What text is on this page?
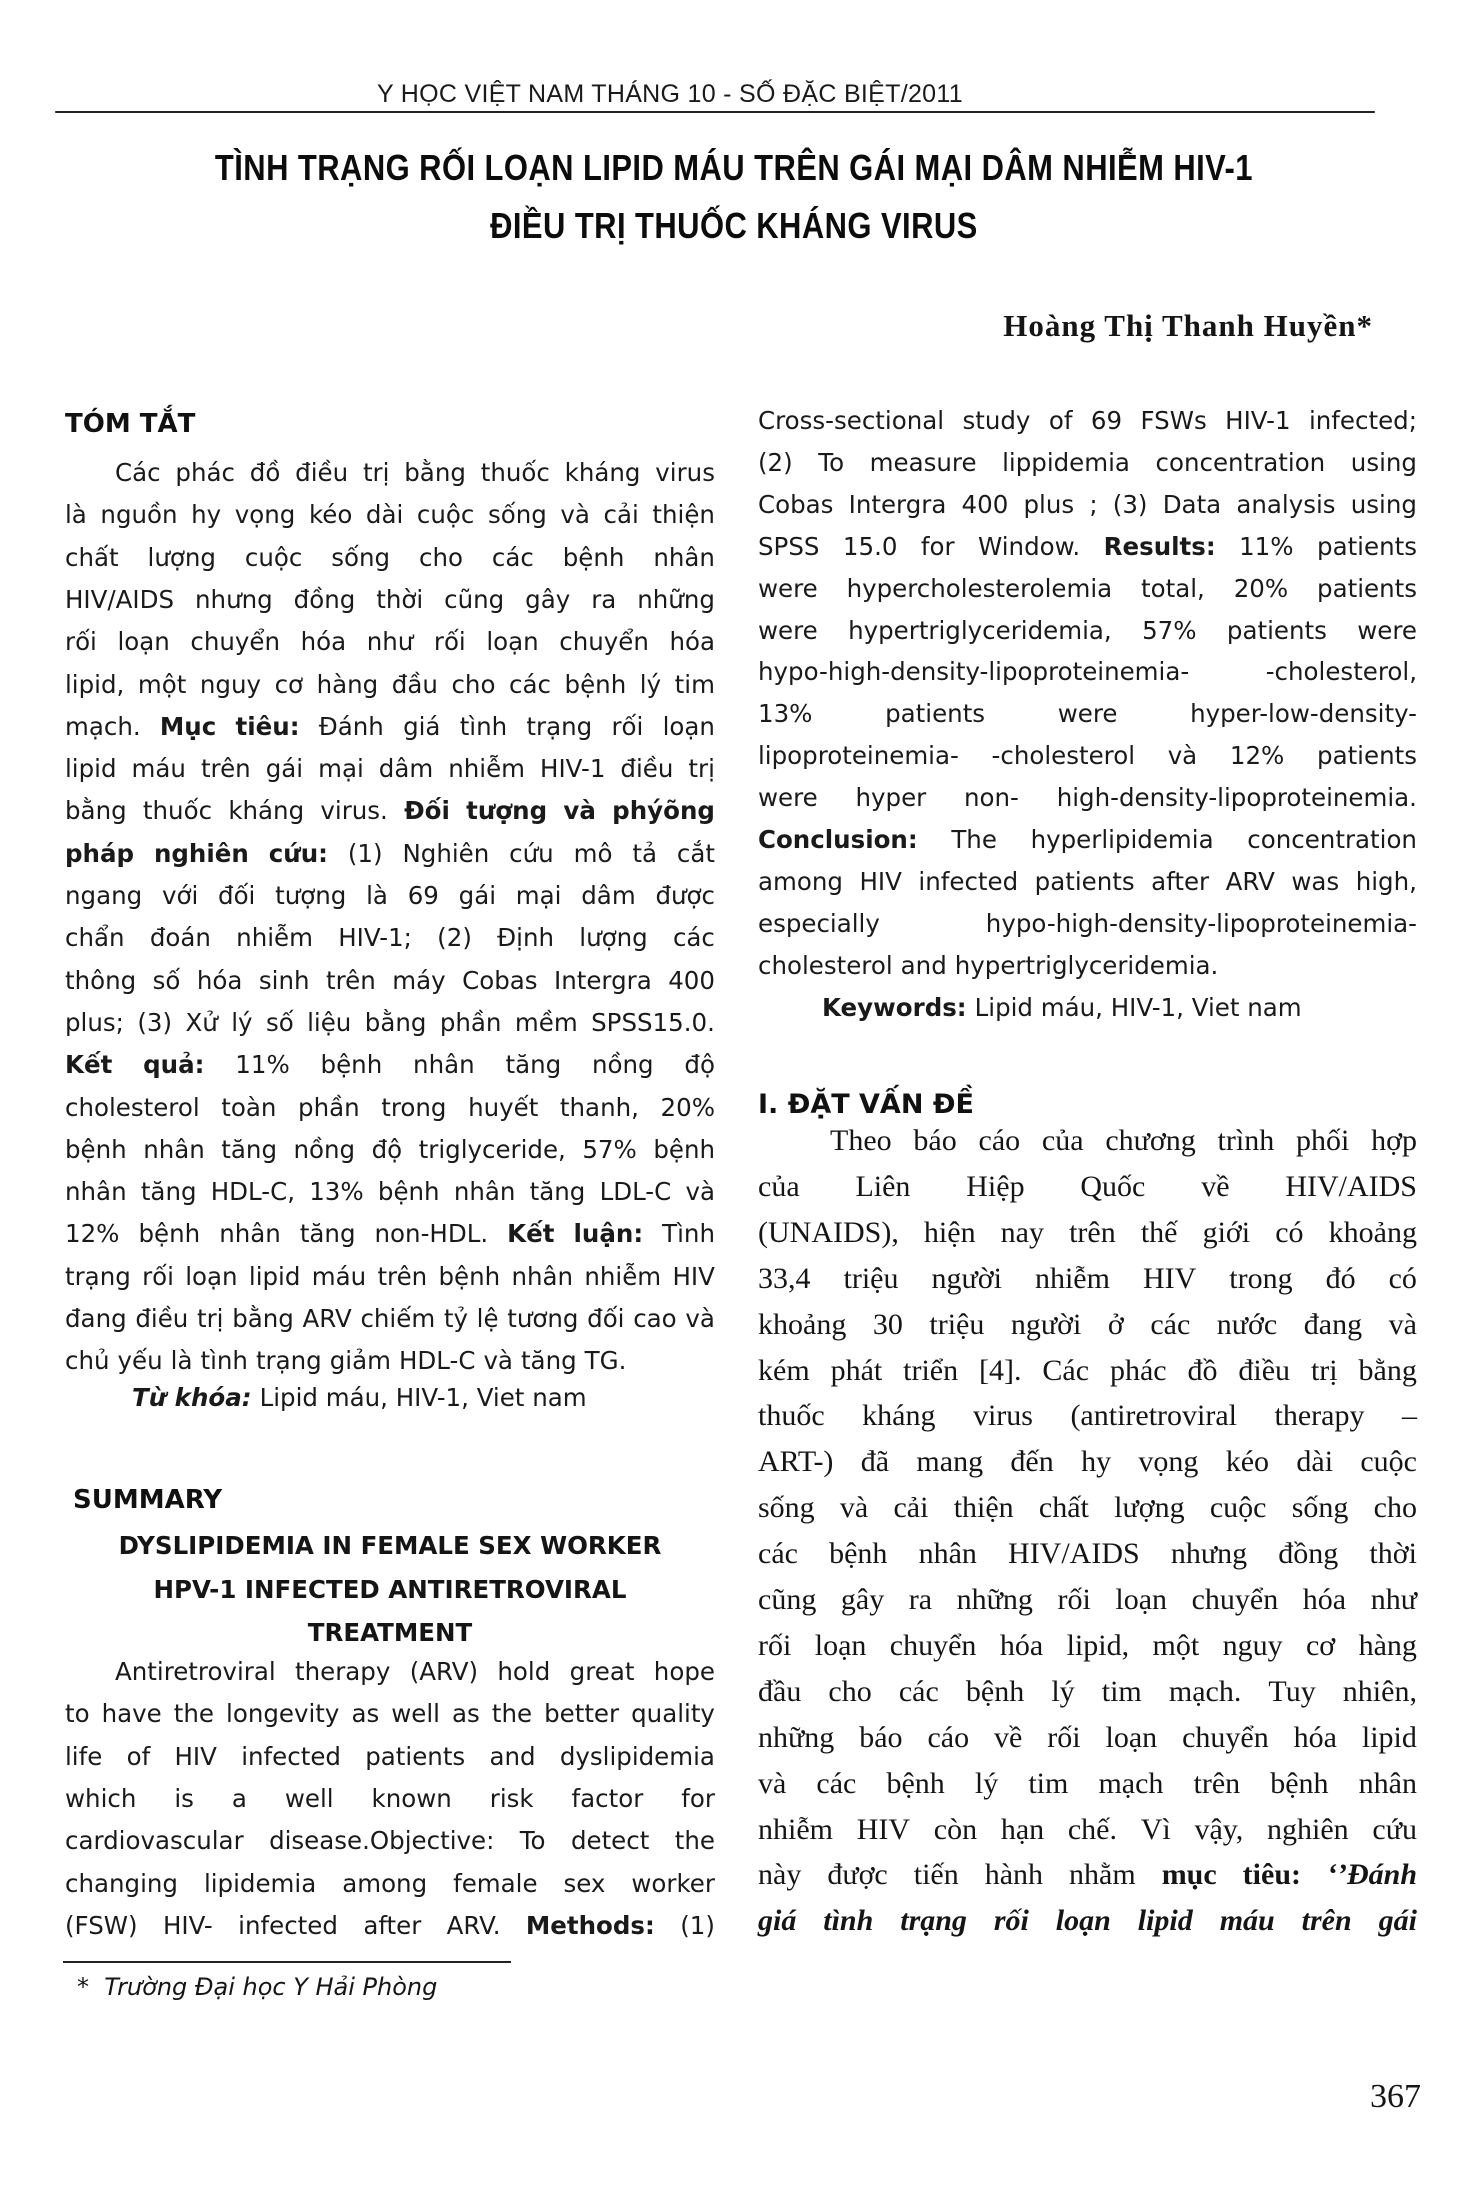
Y HỌC VIỆT NAM THÁNG 10 - SỐ ĐẶC BIỆT/2011
TÌNH TRẠNG RỐI LOẠN LIPID MÁU TRÊN GÁI MẠI DÂM NHIỄM HIV-1
ĐIỀU TRỊ THUỐC KHÁNG VIRUS
Hoàng Thị Thanh Huyền*
TÓM TẮT
Các phác đồ điều trị bằng thuốc kháng virus
là nguồn hy vọng kéo dài cuộc sống và cải thiện
chất lượng cuộc sống cho các bệnh nhân
HIV/AIDS nhưng đồng thời cũng gây ra những
rối loạn chuyển hóa như rối loạn chuyển hóa
lipid, một nguy cơ hàng đầu cho các bệnh lý tim
mạch. Mục tiêu: Đánh giá tình trạng rối loạn
lipid máu trên gái mại dâm nhiễm HIV-1 điều trị
bằng thuốc kháng virus. Đối tượng và phýõng
pháp nghiên cứu: (1) Nghiên cứu mô tả cắt
ngang với đối tượng là 69 gái mại dâm được
chẩn đoán nhiễm HIV-1; (2) Định lượng các
thông số hóa sinh trên máy Cobas Intergra 400
plus; (3) Xử lý số liệu bằng phần mềm SPSS15.0.
Kết quả: 11% bệnh nhân tăng nồng độ
cholesterol toàn phần trong huyết thanh, 20%
bệnh nhân tăng nồng độ triglyceride, 57% bệnh
nhân tăng HDL-C, 13% bệnh nhân tăng LDL-C và
12% bệnh nhân tăng non-HDL. Kết luận: Tình
trạng rối loạn lipid máu trên bệnh nhân nhiễm HIV
đang điều trị bằng ARV chiếm tỷ lệ tương đối cao và
chủ yếu là tình trạng giảm HDL-C và tăng TG.
Từ khóa: Lipid máu, HIV-1, Viet nam
SUMMARY
DYSLIPIDEMIA IN FEMALE SEX WORKER
HPV-1 INFECTED ANTIRETROVIRAL
TREATMENT
Antiretroviral therapy (ARV) hold great hope
to have the longevity as well as the better quality
life of HIV infected patients and dyslipidemia
which is a well known risk factor for
cardiovascular disease.Objective: To detect the
changing lipidemia among female sex worker
(FSW) HIV- infected after ARV. Methods: (1)
* Trường Đại học Y Hải Phòng
Cross-sectional study of 69 FSWs HIV-1 infected;
(2) To measure lippidemia concentration using
Cobas Intergra 400 plus ; (3) Data analysis using
SPSS 15.0 for Window. Results: 11% patients
were hypercholesterolemia total, 20% patients
were hypertriglyceridemia, 57% patients were
hypo-high-density-lipoproteinemia-	-cholesterol,
13%	patients	were	hyper-low-density-
lipoproteinemia- -cholesterol và 12% patients
were hyper non- high-density-lipoproteinemia.
Conclusion: The hyperlipidemia concentration
among HIV infected patients after ARV was high,
especially	hypo-high-density-lipoproteinemia-
cholesterol and hypertriglyceridemia.
Keywords: Lipid máu, HIV-1, Viet nam
I. ĐẶT VẤN ĐỀ
Theo báo cáo của chương trình phối hợp
của Liên Hiệp Quốc về HIV/AIDS
(UNAIDS), hiện nay trên thế giới có khoảng
33,4 triệu người nhiễm HIV trong đó có
khoảng 30 triệu người ở các nước đang và
kém phát triển [4]. Các phác đồ điều trị bằng
thuốc kháng virus (antiretroviral therapy –
ART-) đã mang đến hy vọng kéo dài cuộc
sống và cải thiện chất lượng cuộc sống cho
các bệnh nhân HIV/AIDS nhưng đồng thời
cũng gây ra những rối loạn chuyển hóa như
rối loạn chuyển hóa lipid, một nguy cơ hàng
đầu cho các bệnh lý tim mạch. Tuy nhiên,
những báo cáo về rối loạn chuyển hóa lipid
và các bệnh lý tim mạch trên bệnh nhân
nhiễm HIV còn hạn chế. Vì vậy, nghiên cứu
này được tiến hành nhằm mục tiêu: ‘’Đánh
giá tình trạng rối loạn lipid máu trên gái
367
